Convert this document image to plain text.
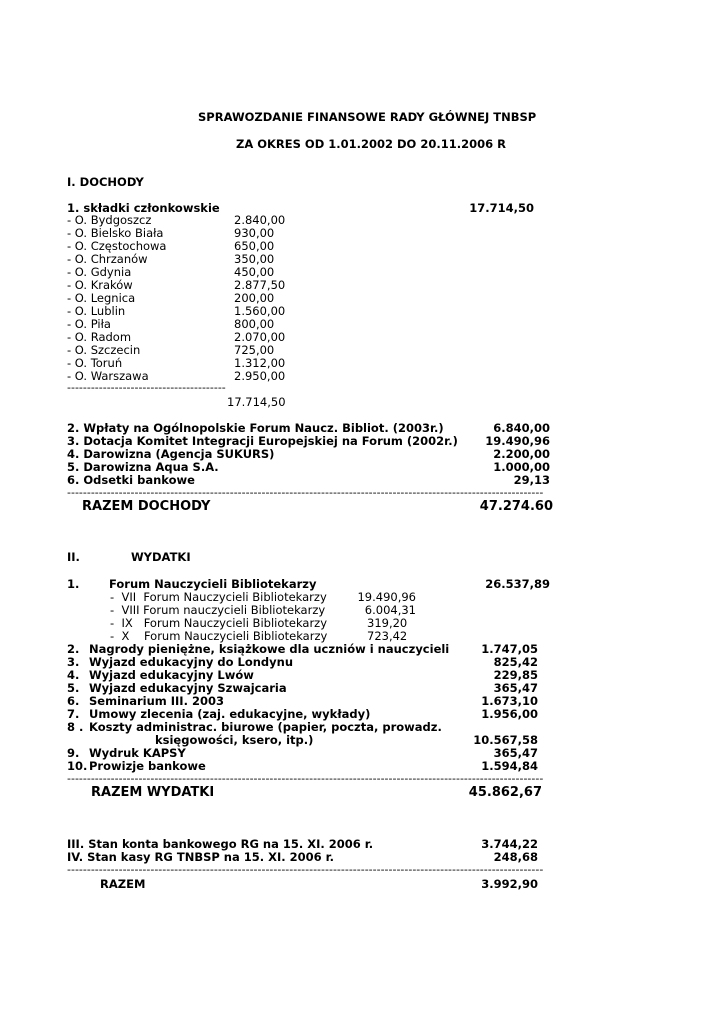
SPRAWOZDANIE FINANSOWE RADY GŁÓWNEJ TNBSP
ZA OKRES OD 1.01.2002 DO 20.11.2006 R
I. DOCHODY
1. składki członkowskie	17.714,50
- O. Bydgoszcz	2.840,00
- O. Bielsko Biała	930,00
- O. Częstochowa	650,00
- O. Chrzanów	350,00
- O. Gdynia	450,00
- O. Kraków	2.877,50
- O. Legnica	200,00
- O. Lublin	1.560,00
- O. Piła	800,00
- O. Radom	2.070,00
- O. Szczecin	725,00
- O. Toruń	1.312,00
- O. Warszawa	2.950,00
----------------------------------------
17.714,50
2. Wpłaty na Ogólnopolskie Forum Naucz. Bibliot. (2003r.)	6.840,00
3. Dotacja Komitet Integracji Europejskiej na Forum (2002r.)	19.490,96
4. Darowizna (Agencja SUKURS)	2.200,00
5. Darowizna Aqua S.A.	1.000,00
6. Odsetki bankowe	29,13
------------------------------------------------------------------------------------------------------------------------
RAZEM DOCHODY	47.274.60
II.	WYDATKI
1.	Forum Nauczycieli Bibliotekarzy	26.537,89
-  VII  Forum Nauczycieli Bibliotekarzy	19.490,96
-  VIII Forum nauczycieli Bibliotekarzy	6.004,31
-  IX   Forum Nauczycieli Bibliotekarzy	319,20
-  X    Forum Nauczycieli Bibliotekarzy	723,42
2. Nagrody pieniężne, książkowe dla uczniów i nauczycieli	1.747,05
3. Wyjazd edukacyjny do Londynu	825,42
4. Wyjazd edukacyjny Lwów	229,85
5. Wyjazd edukacyjny Szwajcaria	365,47
6. Seminarium III. 2003	1.673,10
7. Umowy zlecenia (zaj. edukacyjne, wykłady)	1.956,00
8 . Koszty administrac. biurowe (papier, poczta, prowadz.
księgowości, ksero, itp.)	10.567,58
9. Wydruk KAPSY	365,47
10. Prowizje bankowe	1.594,84
------------------------------------------------------------------------------------------------------------------------
RAZEM WYDATKI	45.862,67
III. Stan konta bankowego RG na 15. XI. 2006 r.	3.744,22
IV. Stan kasy RG TNBSP na 15. XI. 2006 r.	248,68
------------------------------------------------------------------------------------------------------------------------
RAZEM	3.992,90
